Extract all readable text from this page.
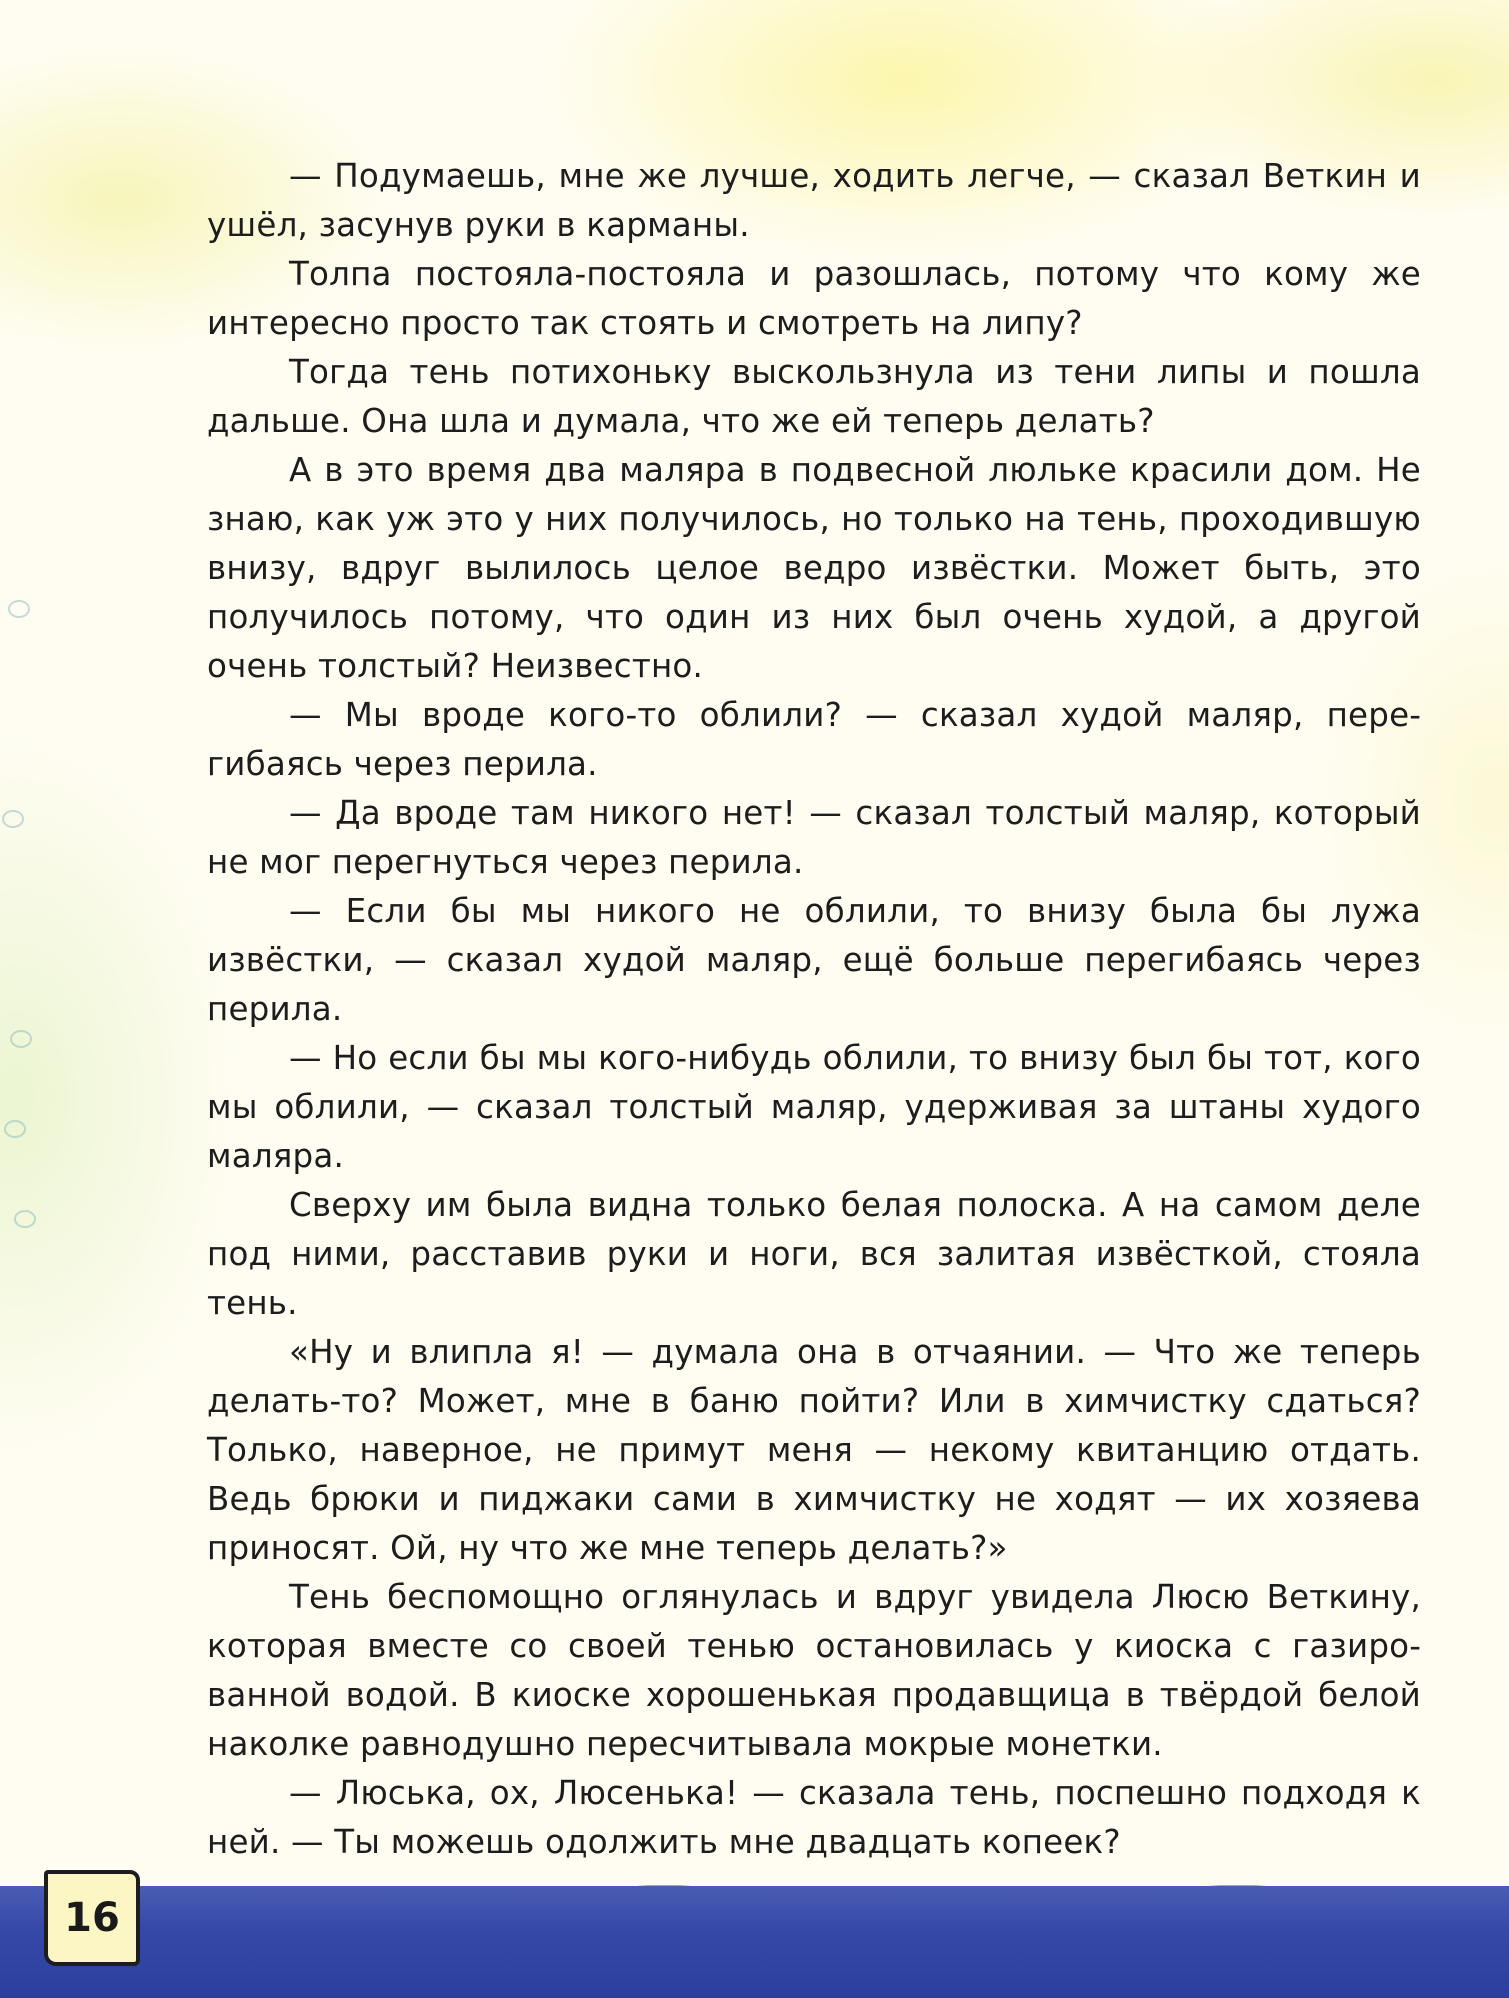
— Подумаешь, мне же лучше, ходить легче, — сказал Веткин и ушёл, засунув руки в карманы.

Толпа постояла-постояла и разошлась, потому что кому же интересно просто так стоять и смотреть на липу?

Тогда тень потихоньку выскользнула из тени липы и пошла дальше. Она шла и думала, что же ей теперь делать?

А в это время два маляра в подвесной люльке красили дом. Не знаю, как уж это у них получилось, но только на тень, проходившую внизу, вдруг вылилось целое ведро извёстки. Может быть, это получилось потому, что один из них был очень худой, а другой очень толстый? Неизвестно.

— Мы вроде кого-то облили? — сказал худой маляр, перегибаясь через перила.

— Да вроде там никого нет! — сказал толстый маляр, который не мог перегнуться через перила.

— Если бы мы никого не облили, то внизу была бы лужа извёстки, — сказал худой маляр, ещё больше перегибаясь через перила.

— Но если бы мы кого-нибудь облили, то внизу был бы тот, кого мы облили, — сказал толстый маляр, удерживая за штаны худого маляра.

Сверху им была видна только белая полоска. А на самом деле под ними, расставив руки и ноги, вся залитая извёсткой, стояла тень.

«Ну и влипла я! — думала она в отчаянии. — Что же теперь делать-то? Может, мне в баню пойти? Или в химчистку сдаться? Только, наверное, не примут меня — некому квитанцию отдать. Ведь брюки и пиджаки сами в химчистку не ходят — их хозяева приносят. Ой, ну что же мне теперь делать?»

Тень беспомощно оглянулась и вдруг увидела Люсю Веткину, которая вместе со своей тенью остановилась у киоска с газированной водой. В киоске хорошенькая продавщица в твёрдой белой наколке равнодушно пересчитывала мокрые монетки.

— Люська, ох, Люсенька! — сказала тень, поспешно подходя к ней. — Ты можешь одолжить мне двадцать копеек?

16
